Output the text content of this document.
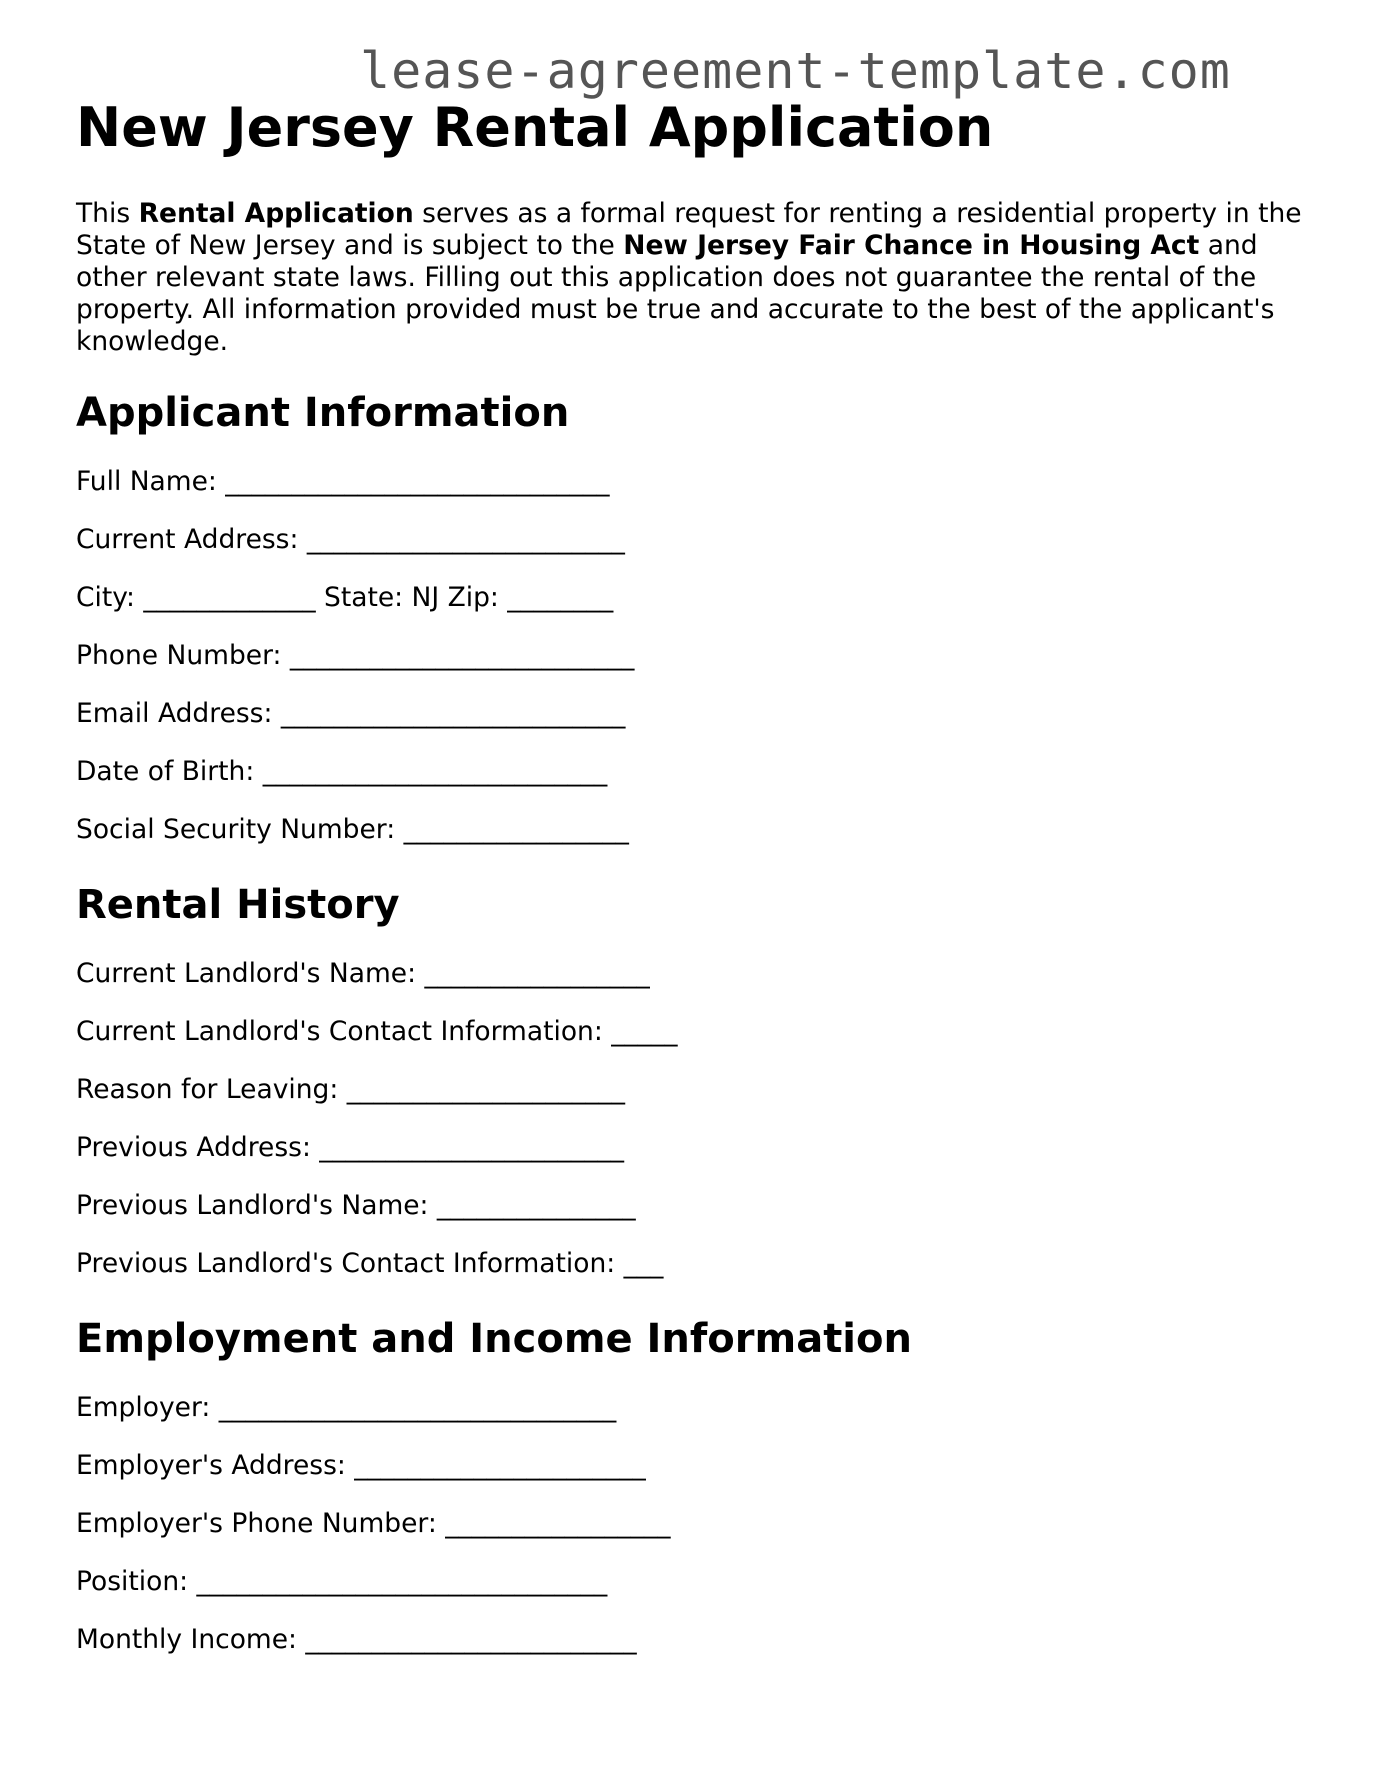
lease-agreement-template.com
New Jersey Rental Application

This Rental Application serves as a formal request for renting a residential property in the State of New Jersey and is subject to the New Jersey Fair Chance in Housing Act and other relevant state laws. Filling out this application does not guarantee the rental of the property. All information provided must be true and accurate to the best of the applicant's knowledge.

Applicant Information
Full Name: _____________________________
Current Address: ________________________
City: _____________ State: NJ Zip: ________
Phone Number: __________________________
Email Address: __________________________
Date of Birth: __________________________
Social Security Number: _________________
Rental History
Current Landlord's Name: _________________
Current Landlord's Contact Information: _____
Reason for Leaving: _____________________
Previous Address: _______________________
Previous Landlord's Name: _______________
Previous Landlord's Contact Information: ___
Employment and Income Information
Employer: ______________________________
Employer's Address: ______________________
Employer's Phone Number: _________________
Position: _______________________________
Monthly Income: _________________________
